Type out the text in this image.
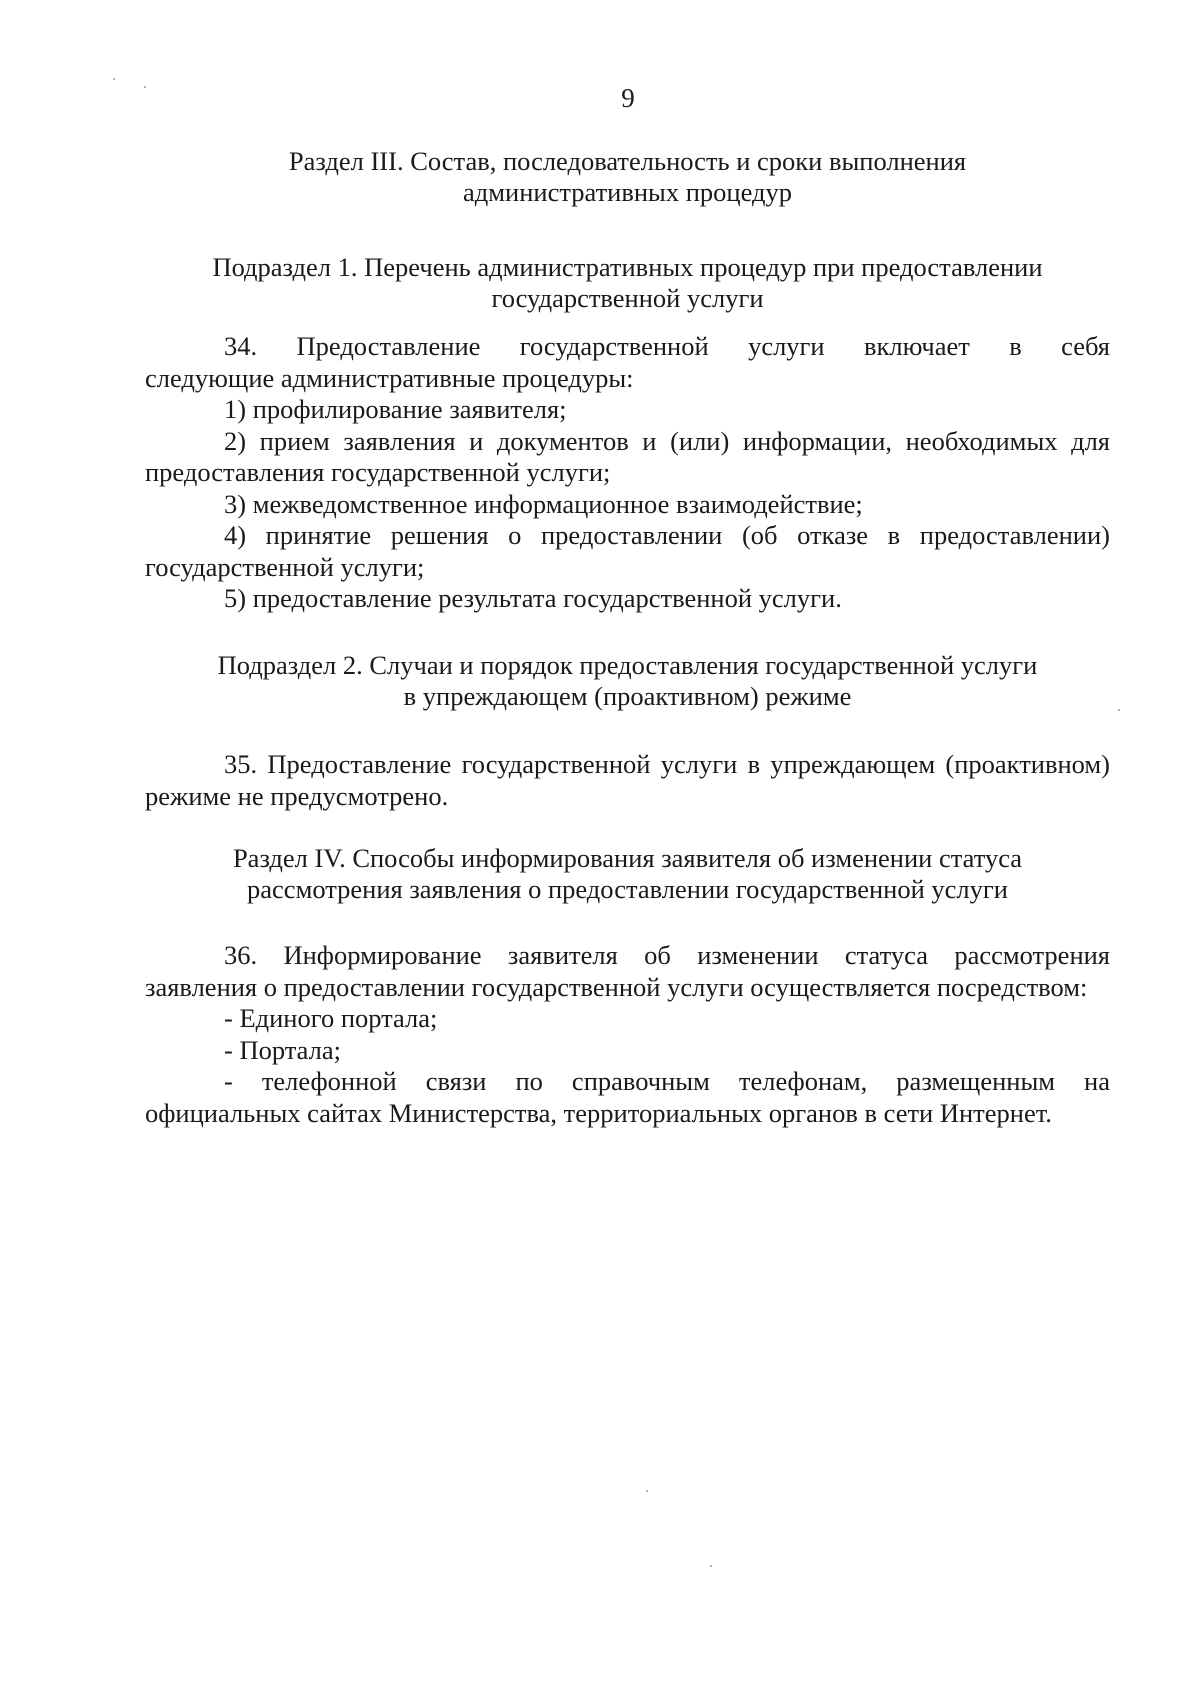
9
Раздел III. Состав, последовательность и сроки выполнения
административных процедур
Подраздел 1. Перечень административных процедур при предоставлении
государственной услуги

34. Предоставление государственной услуги включает в себя

следующие административные процедуры:

1) профилирование заявителя;

2) прием заявления и документов и (или) информации, необходимых для предоставления государственной услуги;

3) межведомственное информационное взаимодействие;

4) принятие решения о предоставлении (об отказе в предоставлении) государственной услуги;

5) предоставление результата государственной услуги.

Подраздел 2. Случаи и порядок предоставления государственной услуги
в упреждающем (проактивном) режиме

35. Предоставление государственной услуги в упреждающем (проактивном) режиме не предусмотрено.

Раздел IV. Способы информирования заявителя об изменении статуса
рассмотрения заявления о предоставлении государственной услуги

36. Информирование заявителя об изменении статуса рассмотрения заявления о предоставлении государственной услуги осуществляется посредством:

- Единого портала;

- Портала;

- телефонной связи по справочным телефонам, размещенным на официальных сайтах Министерства, территориальных органов в сети Интернет.
